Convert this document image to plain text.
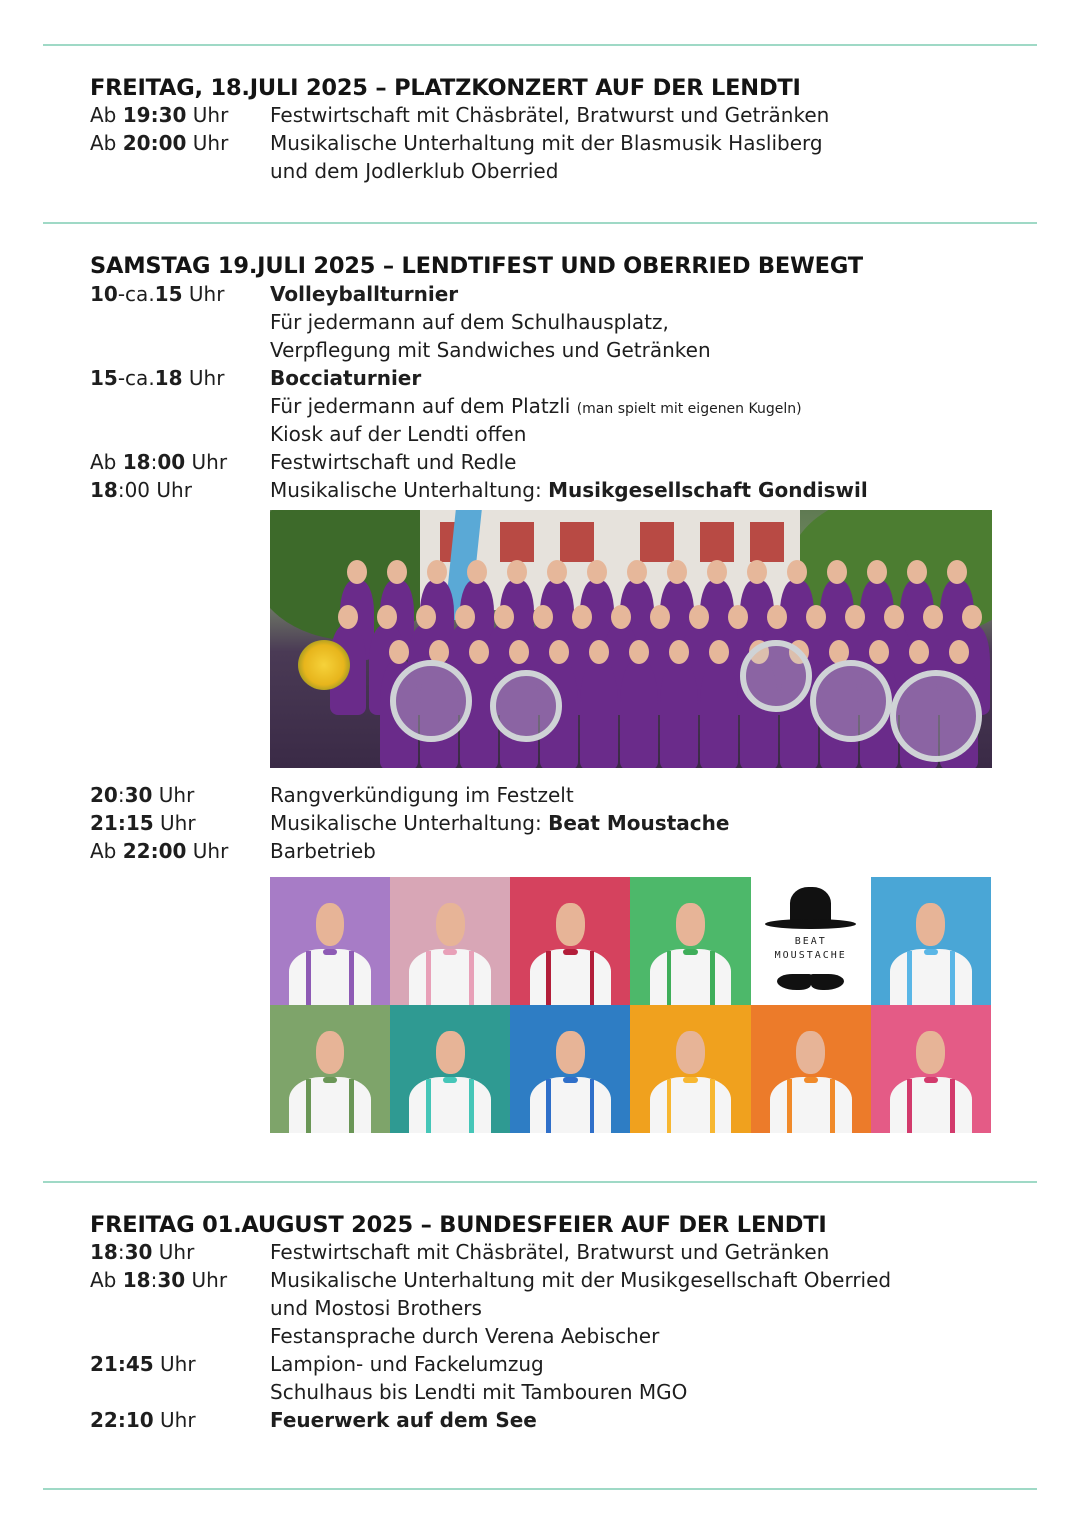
FREITAG, 18.JULI 2025 – PLATZKONZERT AUF DER LENDTI
Ab 19:30 Uhr Festwirtschaft mit Chäsbrätel, Bratwurst und Getränken
Ab 20:00 Uhr Musikalische Unterhaltung mit der Blasmusik Hasliberg
und dem Jodlerklub Oberried
SAMSTAG 19.JULI 2025 – LENDTIFEST UND OBERRIED BEWEGT
10-ca.15 Uhr Volleyballturnier
Für jedermann auf dem Schulhausplatz,
Verpflegung mit Sandwiches und Getränken
15-ca.18 Uhr Bocciaturnier
Für jedermann auf dem Platzli (man spielt mit eigenen Kugeln)
Kiosk auf der Lendti offen
Ab 18:00 Uhr Festwirtschaft und Redle
18:00 Uhr	Musikalische Unterhaltung: Musikgesellschaft Gondiswil
20:30 Uhr	Rangverkündigung im Festzelt
21:15 Uhr	Musikalische Unterhaltung: Beat Moustache
Ab 22:00 Uhr Barbetrieb
BEAT
MOUSTACHE
FREITAG 01.AUGUST 2025 – BUNDESFEIER AUF DER LENDTI
18:30 Uhr	Festwirtschaft mit Chäsbrätel, Bratwurst und Getränken
Ab 18:30 Uhr Musikalische Unterhaltung mit der Musikgesellschaft Oberried
und Mostosi Brothers
Festansprache durch Verena Aebischer
21:45 Uhr	Lampion- und Fackelumzug
Schulhaus bis Lendti mit Tambouren MGO
22:10 Uhr	Feuerwerk auf dem See
